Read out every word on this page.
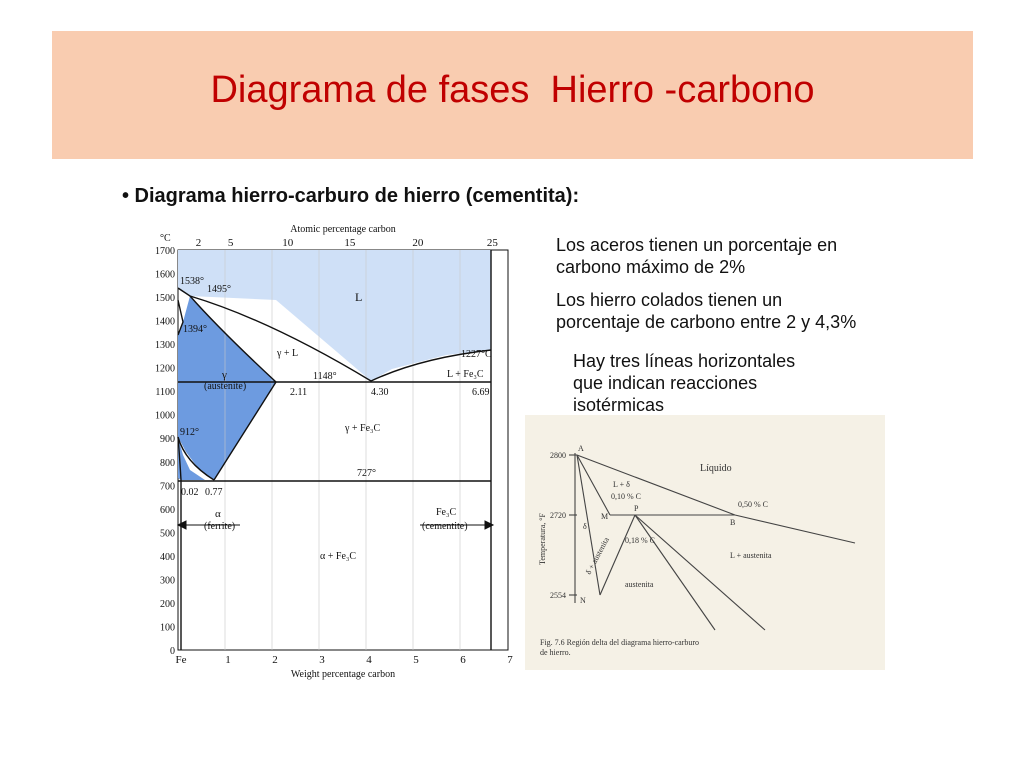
Diagrama de fases  Hierro -carbono
• Diagrama hierro-carburo de hierro (cementita):
Los aceros tienen un porcentaje en
carbono máximo de 2%
Los hierro colados tienen un
porcentaje de carbono entre 2 y 4,3%
Hay tres líneas horizontales
que indican reacciones
isotérmicas
1700
1600
1500
1400
1300
1200
1100
1000
900
800
700
600
500
400
300
200
100
0
°C
Atomic percentage carbon
2 5	10	15	20	25
Fe	1	2	3	4	5	6	7
Weight percentage carbon
1538°
1495°
1394°
L
γ + L	1227°C
L + Fe₃C
1148°
2.11	4.30	6.69
γ
(austenite)
γ + Fe₃C
912°
727°
0.02 0.77
α
(ferrite)
Fe₃C
(cementite)
α + Fe₃C
2800
2720
2554
Temperatura, °F
Líquido
L + δ
0,10 % C
0,50 % C
0,18 % C
δ
δ + austenita	L + austenita
austenita
A
M
P
B
N
Fig. 7.6 Región delta del diagrama hierro-carburo
de hierro.
